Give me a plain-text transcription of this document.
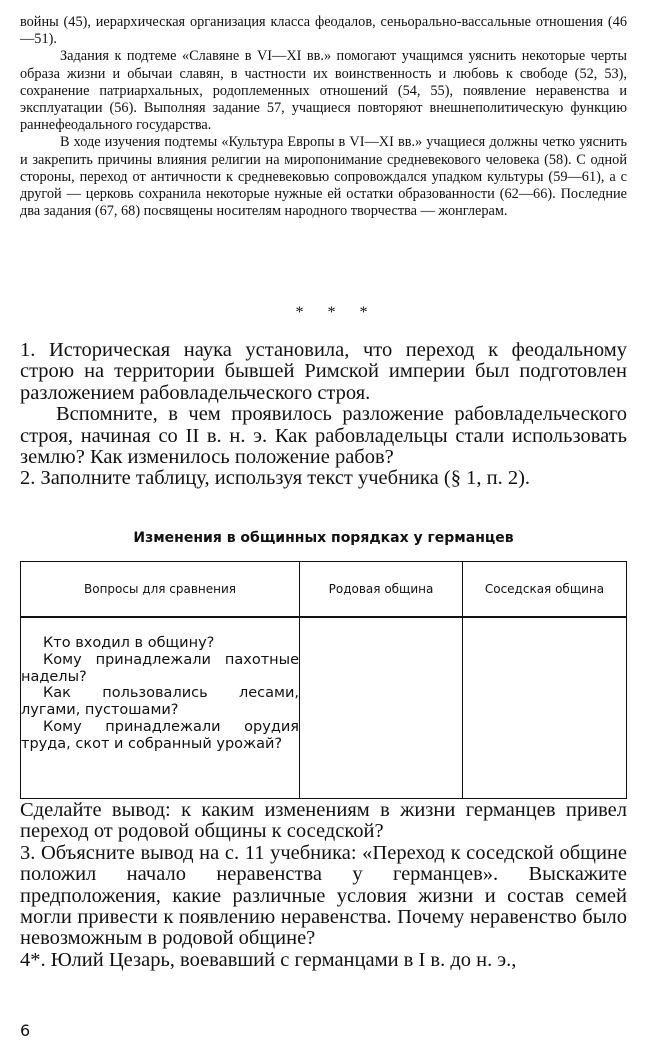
войны (45), иерархическая организация класса феодалов, сеньорально-вассальные отношения (46—51).

Задания к подтеме «Славяне в VI—XI вв.» помогают учащимся уяснить некоторые черты образа жизни и обычаи славян, в частности их воинственность и любовь к свободе (52, 53), сохранение патриархальных, родоплеменных отношений (54, 55), появление неравенства и эксплуатации (56). Выполняя задание 57, учащиеся повторяют внешнеполитическую функцию раннефеодального государства.

В ходе изучения подтемы «Культура Европы в VI—XI вв.» учащиеся должны четко уяснить и закрепить причины влияния религии на миропонимание средневекового человека (58). С одной стороны, переход от античности к средневековью сопровождался упадком культуры (59—61), а с другой — церковь сохранила некоторые нужные ей остатки образованности (62—66). Последние два задания (67, 68) посвящены носителям народного творчества — жонглерам.

* * *

1. Историческая наука установила, что переход к феодальному строю на территории бывшей Римской империи был подготовлен разложением рабовладельческого строя.

Вспомните, в чем проявилось разложение рабовладельческого строя, начиная со II в. н. э. Как рабовладельцы стали использовать землю? Как изменилось положение рабов?

2. Заполните таблицу, используя текст учебника (§ 1, п. 2).

Изменения в общинных порядках у германцев
Вопросы для сравнения	Родовая община	Соседская община

Кто входил в общину?
Кому принадлежали пахотные наделы?
Как пользовались лесами, лугами, пустошами?
Кому принадлежали орудия труда, скот и собранный урожай?		

Сделайте вывод: к каким изменениям в жизни германцев привел переход от родовой общины к соседской?

3. Объясните вывод на с. 11 учебника: «Переход к соседской общине положил начало неравенства у германцев». Выскажите предположения, какие различные условия жизни и состав семей могли привести к появлению неравенства. Почему неравенство было невозможным в родовой общине?

4*. Юлий Цезарь, воевавший с германцами в I в. до н. э.,

6
